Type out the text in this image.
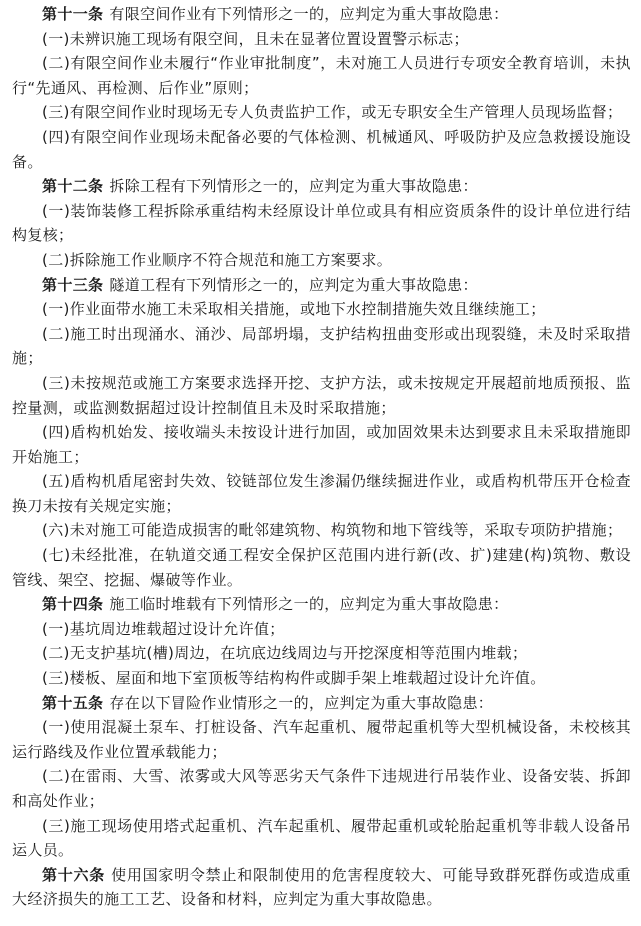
第十一条 有限空间作业有下列情形之一的，应判定为重大事故隐患：

(一)未辨识施工现场有限空间，且未在显著位置设置警示标志；

(二)有限空间作业未履行“作业审批制度”，未对施工人员进行专项安全教育培训，未执行“先通风、再检测、后作业”原则；

(三)有限空间作业时现场无专人负责监护工作，或无专职安全生产管理人员现场监督；

(四)有限空间作业现场未配备必要的气体检测、机械通风、呼吸防护及应急救援设施设备。

第十二条 拆除工程有下列情形之一的，应判定为重大事故隐患：

(一)装饰装修工程拆除承重结构未经原设计单位或具有相应资质条件的设计单位进行结构复核；

(二)拆除施工作业顺序不符合规范和施工方案要求。

第十三条 隧道工程有下列情形之一的，应判定为重大事故隐患：

(一)作业面带水施工未采取相关措施，或地下水控制措施失效且继续施工；

(二)施工时出现涌水、涌沙、局部坍塌，支护结构扭曲变形或出现裂缝，未及时采取措施；

(三)未按规范或施工方案要求选择开挖、支护方法，或未按规定开展超前地质预报、监控量测，或监测数据超过设计控制值且未及时采取措施；

(四)盾构机始发、接收端头未按设计进行加固，或加固效果未达到要求且未采取措施即开始施工；

(五)盾构机盾尾密封失效、铰链部位发生渗漏仍继续掘进作业，或盾构机带压开仓检查换刀未按有关规定实施；

(六)未对施工可能造成损害的毗邻建筑物、构筑物和地下管线等，采取专项防护措施；

(七)未经批准，在轨道交通工程安全保护区范围内进行新(改、扩)建建(构)筑物、敷设管线、架空、挖掘、爆破等作业。

第十四条 施工临时堆载有下列情形之一的，应判定为重大事故隐患：

(一)基坑周边堆载超过设计允许值；

(二)无支护基坑(槽)周边，在坑底边线周边与开挖深度相等范围内堆载；

(三)楼板、屋面和地下室顶板等结构构件或脚手架上堆载超过设计允许值。

第十五条 存在以下冒险作业情形之一的，应判定为重大事故隐患：

(一)使用混凝土泵车、打桩设备、汽车起重机、履带起重机等大型机械设备，未校核其运行路线及作业位置承载能力；

(二)在雷雨、大雪、浓雾或大风等恶劣天气条件下违规进行吊装作业、设备安装、拆卸和高处作业；

(三)施工现场使用塔式起重机、汽车起重机、履带起重机或轮胎起重机等非载人设备吊运人员。

第十六条 使用国家明令禁止和限制使用的危害程度较大、可能导致群死群伤或造成重大经济损失的施工工艺、设备和材料，应判定为重大事故隐患。
